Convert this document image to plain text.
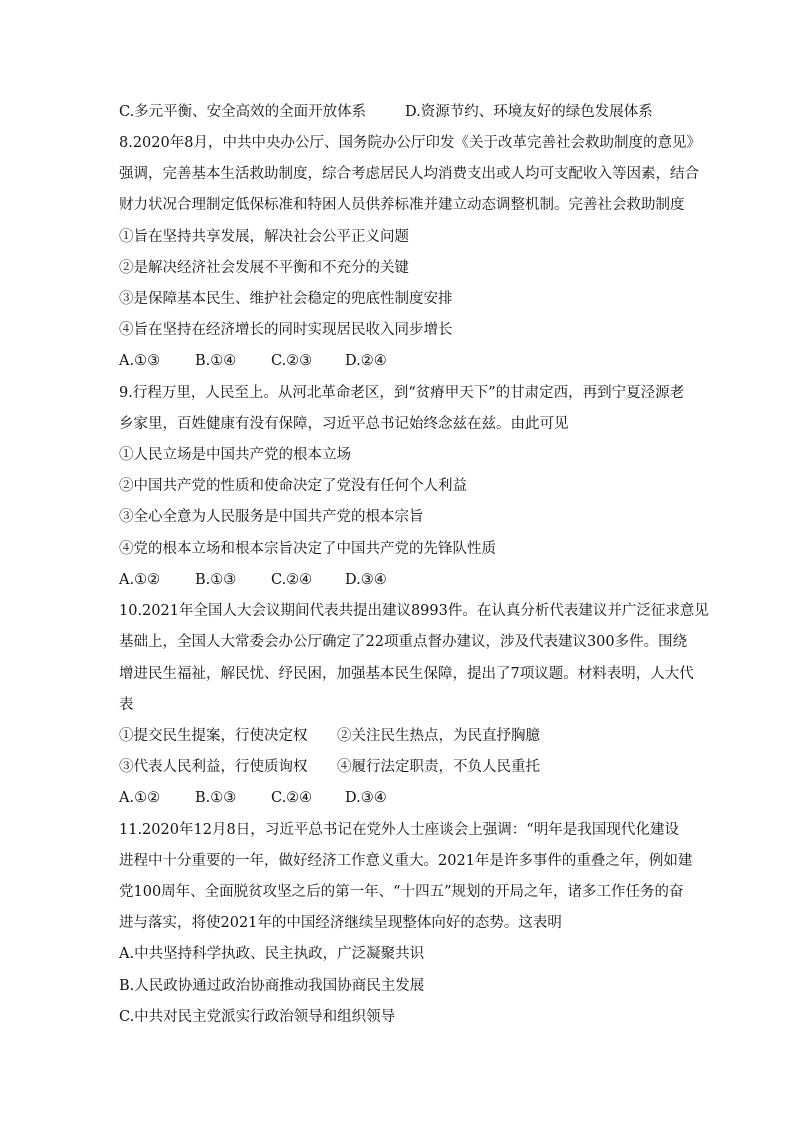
C.多元平衡、安全高效的全面开放体系	D.资源节约、环境友好的绿色发展体系
8.2020年8月，中共中央办公厅、国务院办公厅印发《关于改革完善社会救助制度的意见》
强调，完善基本生活救助制度，综合考虑居民人均消费支出或人均可支配收入等因素，结合
财力状况合理制定低保标准和特困人员供养标准并建立动态调整机制。完善社会救助制度
①旨在坚持共享发展，解决社会公平正义问题
②是解决经济社会发展不平衡和不充分的关键
③是保障基本民生、维护社会稳定的兜底性制度安排
④旨在坚持在经济增长的同时实现居民收入同步增长
A.①③ B.①④ C.②③ D.②④
9.行程万里，人民至上。从河北革命老区，到“贫瘠甲天下”的甘肃定西，再到宁夏泾源老
乡家里，百姓健康有没有保障，习近平总书记始终念兹在兹。由此可见
①人民立场是中国共产党的根本立场
②中国共产党的性质和使命决定了党没有任何个人利益
③全心全意为人民服务是中国共产党的根本宗旨
④党的根本立场和根本宗旨决定了中国共产党的先锋队性质
A.①② B.①③ C.②④ D.③④
10.2021年全国人大会议期间代表共提出建议8993件。在认真分析代表建议并广泛征求意见
基础上，全国人大常委会办公厅确定了22项重点督办建议，涉及代表建议300多件。围绕
增进民生福祉，解民忧、纾民困，加强基本民生保障，提出了7项议题。材料表明，人大代
表
①提交民生提案，行使决定权 ②关注民生热点，为民直抒胸臆
③代表人民利益，行使质询权 ④履行法定职责，不负人民重托
A.①② B.①③ C.②④ D.③④
11.2020年12月8日，习近平总书记在党外人士座谈会上强调：“明年是我国现代化建设
进程中十分重要的一年，做好经济工作意义重大。2021年是许多事件的重叠之年，例如建
党100周年、全面脱贫攻坚之后的第一年、“十四五”规划的开局之年，诸多工作任务的奋
进与落实，将使2021年的中国经济继续呈现整体向好的态势。这表明
A.中共坚持科学执政、民主执政，广泛凝聚共识
B.人民政协通过政治协商推动我国协商民主发展
C.中共对民主党派实行政治领导和组织领导
